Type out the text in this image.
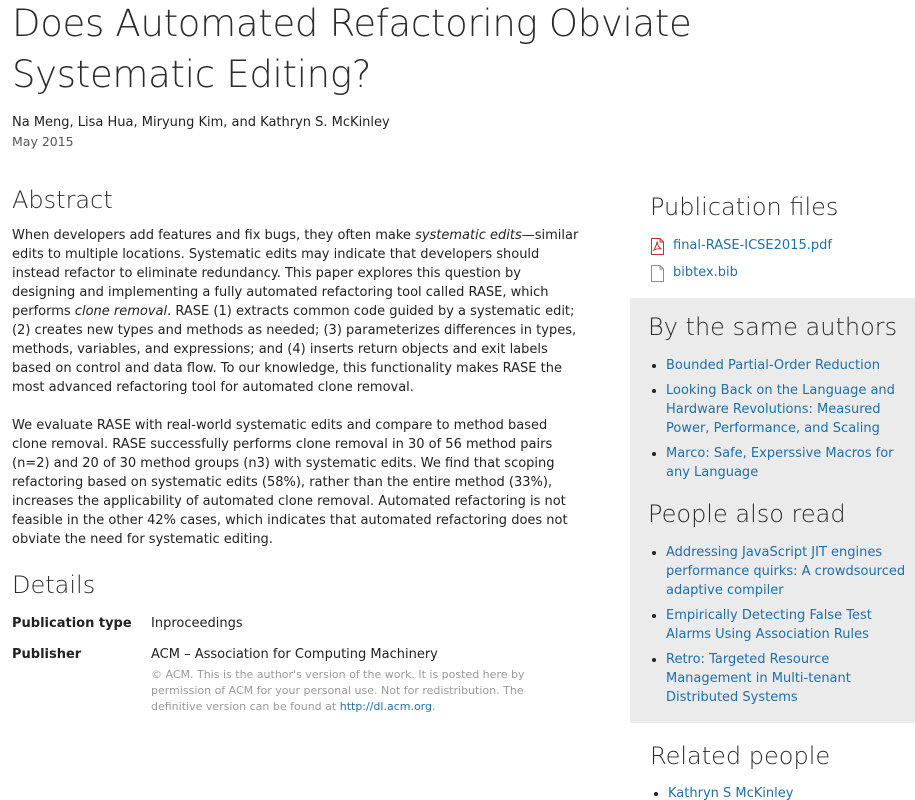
Does Automated Refactoring Obviate Systematic Editing?
Na Meng, Lisa Hua, Miryung Kim, and Kathryn S. McKinley
May 2015
Abstract

When developers add features and fix bugs, they often make systematic edits—similar edits to multiple locations. Systematic edits may indicate that developers should instead refactor to eliminate redundancy. This paper explores this question by designing and implementing a fully automated refactoring tool called RASE, which performs clone removal. RASE (1) extracts common code guided by a systematic edit; (2) creates new types and methods as needed; (3) parameterizes differences in types, methods, variables, and expressions; and (4) inserts return objects and exit labels based on control and data flow. To our knowledge, this functionality makes RASE the most advanced refactoring tool for automated clone removal.

We evaluate RASE with real-world systematic edits and compare to method based clone removal. RASE successfully performs clone removal in 30 of 56 method pairs (n=2) and 20 of 30 method groups (n3) with systematic edits. We find that scoping refactoring based on systematic edits (58%), rather than the entire method (33%), increases the applicability of automated clone removal. Automated refactoring is not feasible in the other 42% cases, which indicates that automated refactoring does not obviate the need for systematic editing.

Details
Publication type	Inproceedings
Publisher	ACM – Association for Computing Machinery
© ACM. This is the author's version of the work. It is posted here by permission of ACM for your personal use. Not for redistribution. The definitive version can be found at http://dl.acm.org.
Publication files
final-RASE-ICSE2015.pdf
bibtex.bib
By the same authors
• Bounded Partial-Order Reduction
• Looking Back on the Language and Hardware Revolutions: Measured Power, Performance, and Scaling
• Marco: Safe, Experssive Macros for any Language
People also read
• Addressing JavaScript JIT engines performance quirks: A crowdsourced adaptive compiler
• Empirically Detecting False Test Alarms Using Association Rules
• Retro: Targeted Resource Management in Multi-tenant Distributed Systems
Related people
• Kathryn S McKinley
